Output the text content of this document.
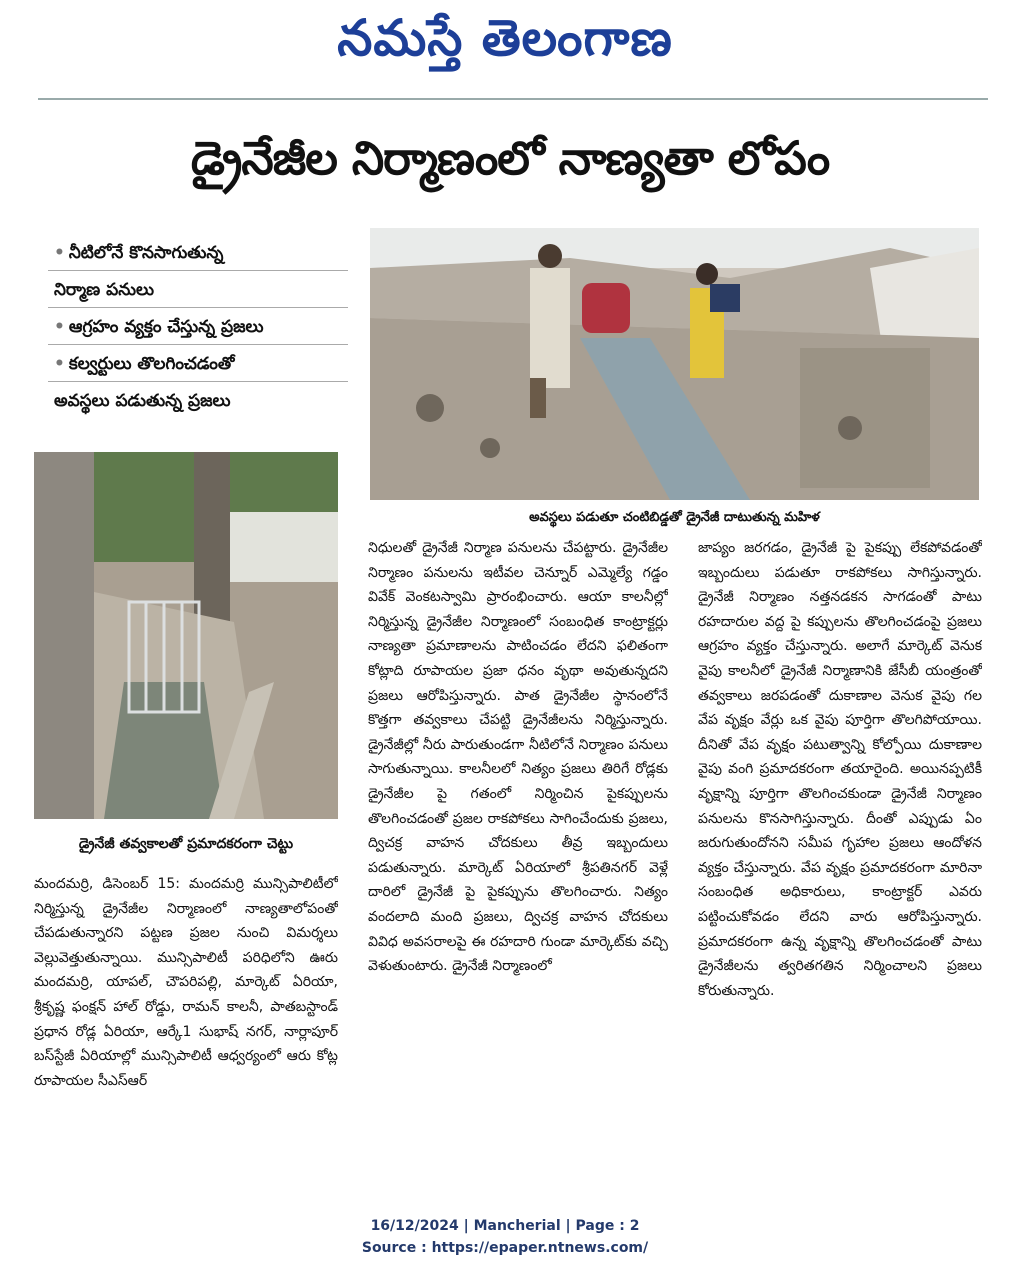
నమస్తే తెలంగాణ
డ్రైనేజీల నిర్మాణంలో నాణ్యతా లోపం
• నీటిలోనే కొనసాగుతున్న
నిర్మాణ పనులు
• ఆగ్రహం వ్యక్తం చేస్తున్న ప్రజలు
• కల్వర్టులు తొలగించడంతో
అవస్థలు పడుతున్న ప్రజలు
అవస్థలు పడుతూ చంటిబిడ్డతో డ్రైనేజీ దాటుతున్న మహిళ
డ్రైనేజీ తవ్వకాలతో ప్రమాదకరంగా చెట్టు

మందమర్రి, డిసెంబర్ 15: మందమర్రి మున్సిపాలిటీలో నిర్మిస్తున్న డ్రైనేజీల నిర్మాణంలో నాణ్యతాలోపంతో చేపడుతున్నారని పట్టణ ప్రజల నుంచి విమర్శలు వెల్లువెత్తుతున్నాయి. మున్సిపాలిటీ పరిధిలోని ఊరు మందమర్రి, యాపల్, చౌపరిపల్లి, మార్కెట్ ఏరియా, శ్రీకృష్ణ ఫంక్షన్ హాల్ రోడ్డు, రామన్ కాలనీ, పాతబస్టాండ్ ప్రధాన రోడ్ల ఏరియా, ఆర్కే1 సుభాష్ నగర్, నార్లాపూర్ బస్‌స్టేజీ ఏరియాల్లో మున్సిపాలిటీ ఆధ్వర్యంలో ఆరు కోట్ల రూపాయల సీఎస్‌ఆర్

నిధులతో డ్రైనేజీ నిర్మాణ పనులను చేపట్టారు. డ్రైనేజీల నిర్మాణం పనులను ఇటీవల చెన్నూర్ ఎమ్మెల్యే గడ్డం వివేక్ వెంకటస్వామి ప్రారంభించారు. ఆయా కాలనీల్లో నిర్మిస్తున్న డ్రైనేజీల నిర్మాణంలో సంబంధిత కాంట్రాక్టర్లు నాణ్యతా ప్రమాణాలను పాటించడం లేదని ఫలితంగా కోట్లాది రూపాయల ప్రజా ధనం వృథా అవుతున్నదని ప్రజలు ఆరోపిస్తున్నారు. పాత డ్రైనేజీల స్థానంలోనే కొత్తగా తవ్వకాలు చేపట్టి డ్రైనేజీలను నిర్మిస్తున్నారు. డ్రైనేజీల్లో నీరు పారుతుండగా నీటిలోనే నిర్మాణం పనులు సాగుతున్నాయి. కాలనీలలో నిత్యం ప్రజలు తిరిగే రోడ్లకు డ్రైనేజీల పై గతంలో నిర్మించిన పైకప్పులను తొలగించడంతో ప్రజల రాకపోకలు సాగించేందుకు ప్రజలు, ద్విచక్ర వాహన చోదకులు తీవ్ర ఇబ్బందులు పడుతున్నారు. మార్కెట్ ఏరియాలో శ్రీపతినగర్ వెళ్లే దారిలో డ్రైనేజీ పై పైకప్పును తొలగించారు. నిత్యం వందలాది మంది ప్రజలు, ద్విచక్ర వాహన చోదకులు వివిధ అవసరాలపై ఈ రహదారి గుండా మార్కెట్‌కు వచ్చి వెళుతుంటారు. డ్రైనేజీ నిర్మాణంలో

జాప్యం జరగడం, డ్రైనేజీ పై పైకప్పు లేకపోవడంతో ఇబ్బందులు పడుతూ రాకపోకలు సాగిస్తున్నారు. డ్రైనేజీ నిర్మాణం నత్తనడకన సాగడంతో పాటు రహదారుల వద్ద పై కప్పులను తొలగించడంపై ప్రజలు ఆగ్రహం వ్యక్తం చేస్తున్నారు. అలాగే మార్కెట్ వెనుక వైపు కాలనీలో డ్రైనేజీ నిర్మాణానికి జేసీబీ యంత్రంతో తవ్వకాలు జరపడంతో దుకాణాల వెనుక వైపు గల వేప వృక్షం వేర్లు ఒక వైపు పూర్తిగా తొలగిపోయాయి. దీనితో వేప వృక్షం పటుత్వాన్ని కోల్పోయి దుకాణాల వైపు వంగి ప్రమాదకరంగా తయారైంది. అయినప్పటికీ వృక్షాన్ని పూర్తిగా తొలగించకుండా డ్రైనేజీ నిర్మాణం పనులను కొనసాగిస్తున్నారు. దీంతో ఎప్పుడు ఏం జరుగుతుందోనని సమీప గృహాల ప్రజలు ఆందోళన వ్యక్తం చేస్తున్నారు. వేప వృక్షం ప్రమాదకరంగా మారినా సంబంధిత అధికారులు, కాంట్రాక్టర్ ఎవరు పట్టించుకోవడం లేదని వారు ఆరోపిస్తున్నారు. ప్రమాదకరంగా ఉన్న వృక్షాన్ని తొలగించడంతో పాటు డ్రైనేజీలను త్వరితగతిన నిర్మించాలని ప్రజలు కోరుతున్నారు.

16/12/2024 | Mancherial | Page : 2
Source : https://epaper.ntnews.com/
